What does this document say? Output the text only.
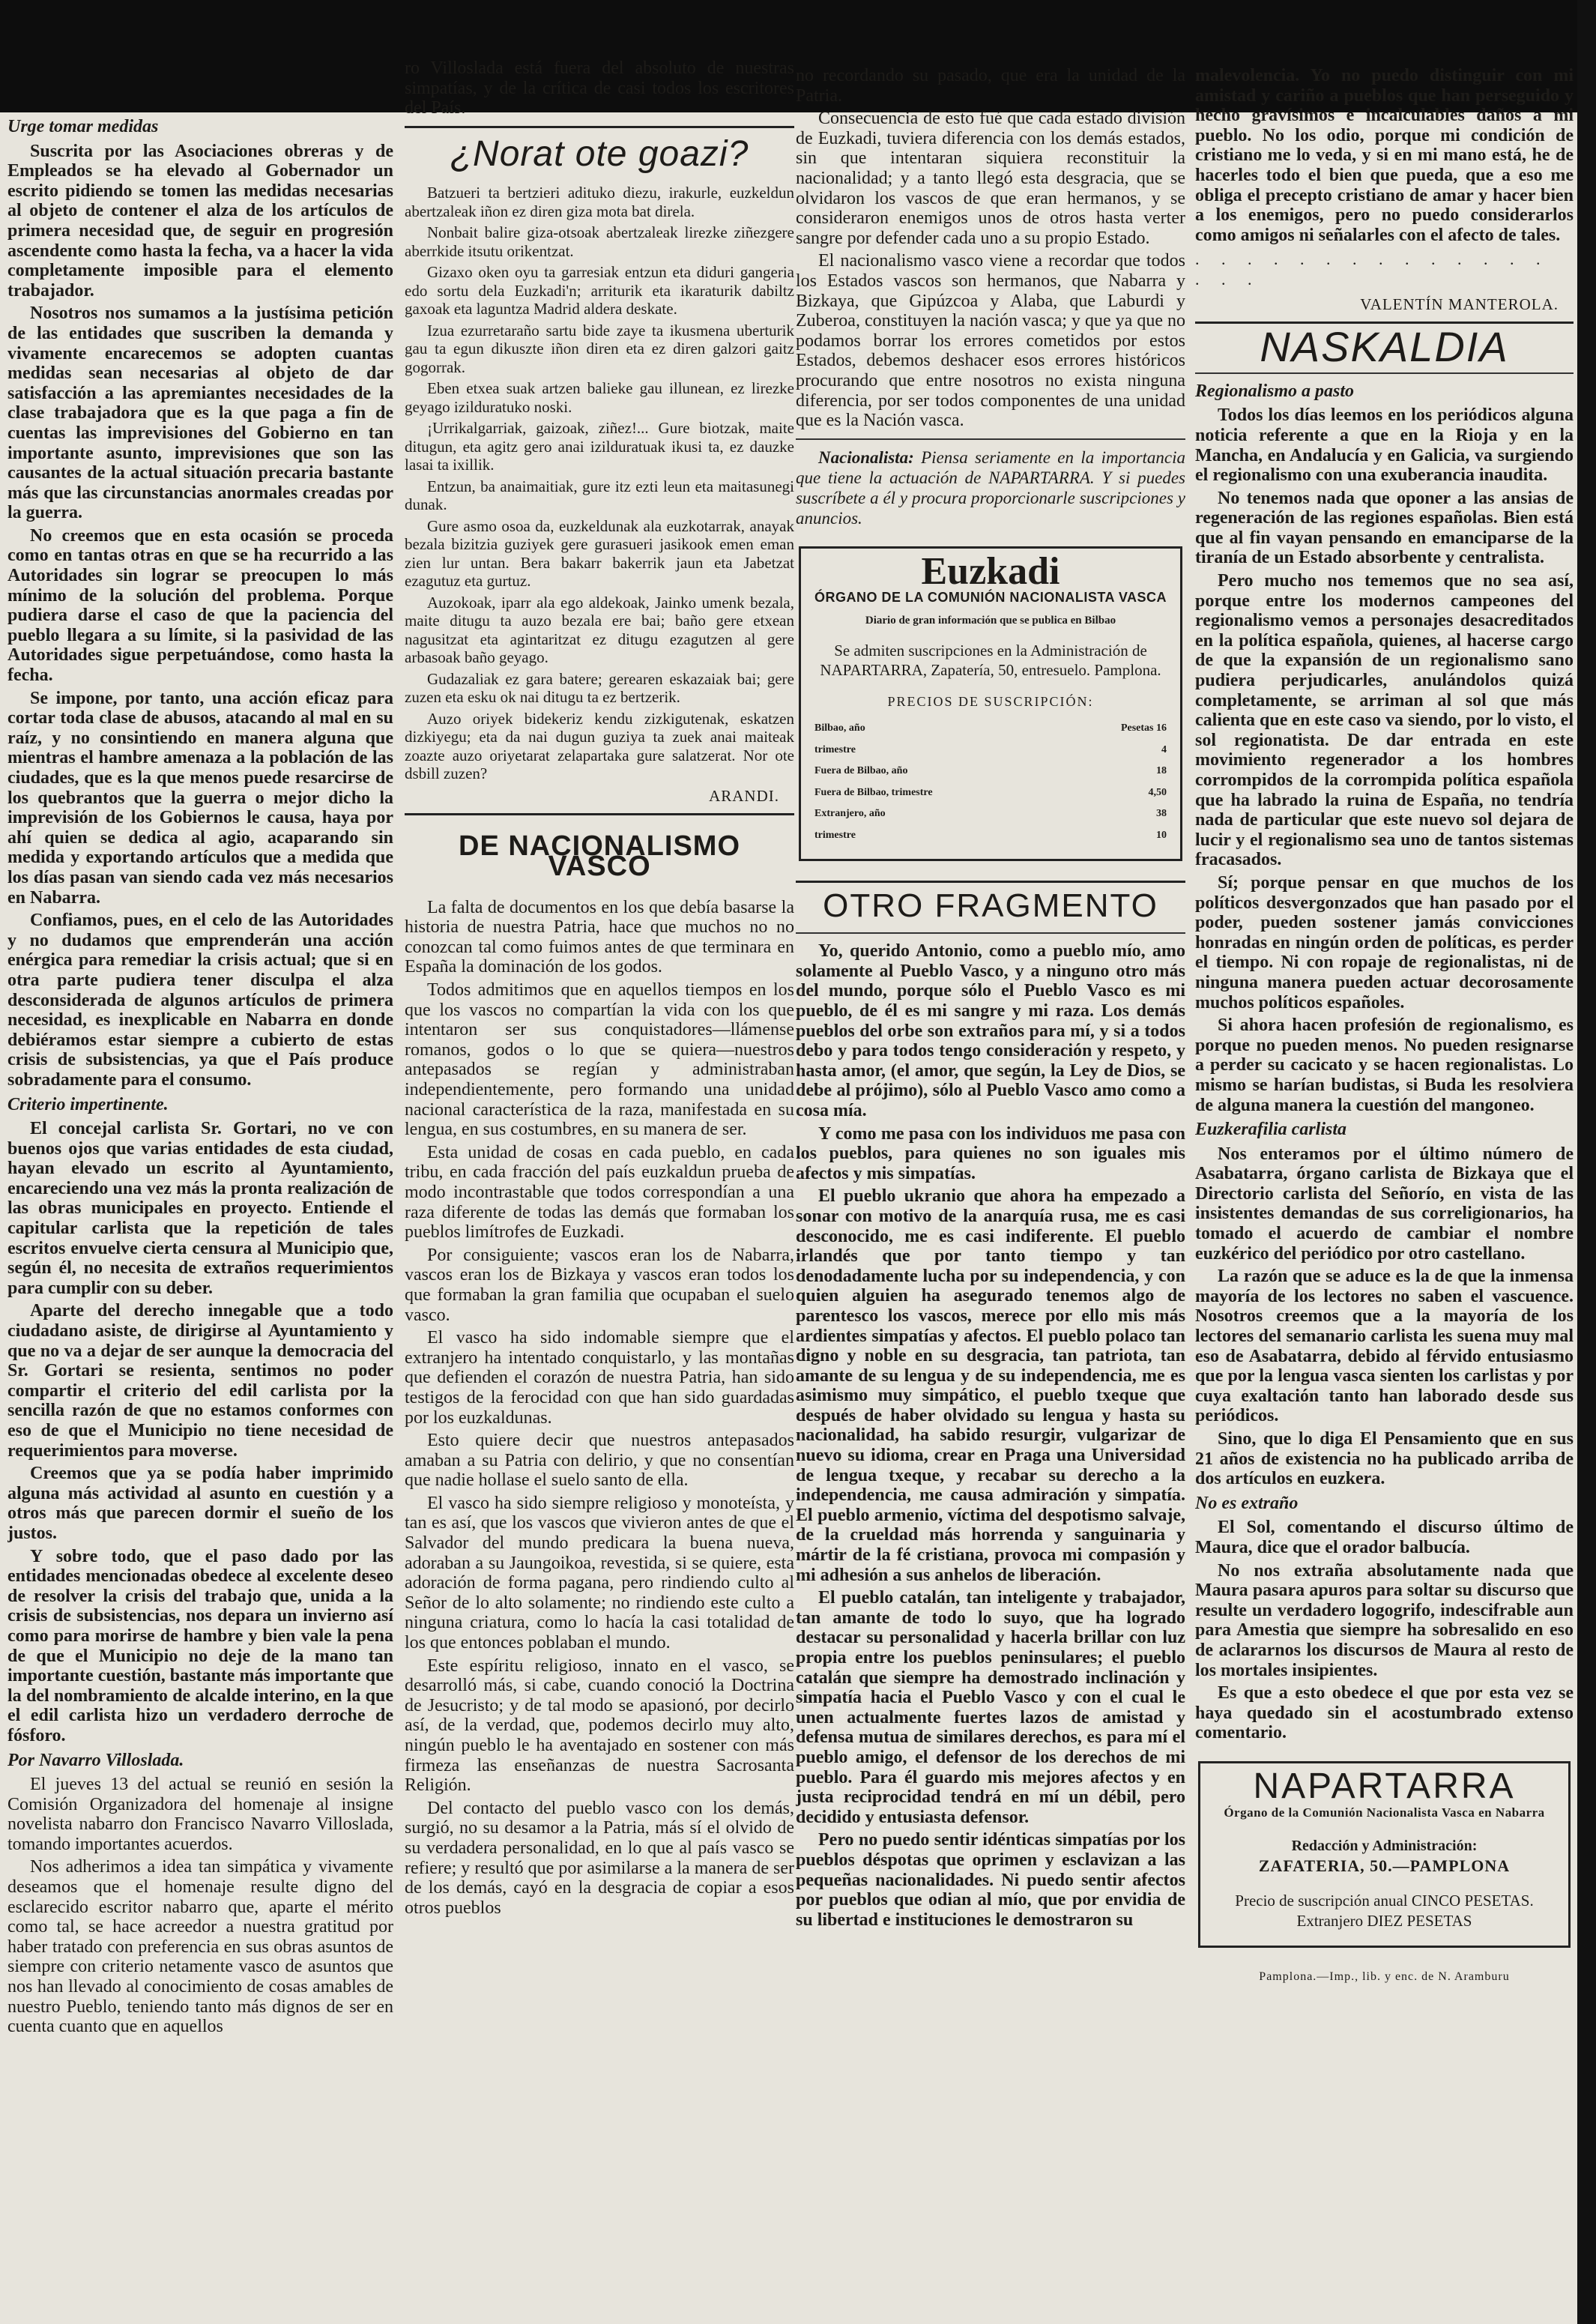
Urge tomar medidas

Suscrita por las Asociaciones obreras y de Empleados se ha elevado al Gobernador un escrito pidiendo se tomen las medidas necesarias al objeto de contener el alza de los artículos de primera necesidad que, de seguir en progresión ascendente como hasta la fecha, va a hacer la vida completamente imposible para el elemento trabajador.

Nosotros nos sumamos a la justísima petición de las entidades que suscriben la demanda y vivamente encarecemos se adopten cuantas medidas sean necesarias al objeto de dar satisfacción a las apremiantes necesidades de la clase trabajadora que es la que paga a fin de cuentas las imprevisiones del Gobierno en tan importante asunto, imprevisiones que son las causantes de la actual situación precaria bastante más que las circunstancias anormales creadas por la guerra.

No creemos que en esta ocasión se proceda como en tantas otras en que se ha recurrido a las Autoridades sin lograr se preocupen lo más mínimo de la solución del problema. Porque pudiera darse el caso de que la paciencia del pueblo llegara a su límite, si la pasividad de las Autoridades sigue perpetuándose, como hasta la fecha.

Se impone, por tanto, una acción eficaz para cortar toda clase de abusos, atacando al mal en su raíz, y no consintiendo en manera alguna que mientras el hambre amenaza a la población de las ciudades, que es la que menos puede resarcirse de los quebrantos que la guerra o mejor dicho la imprevisión de los Gobiernos le causa, haya por ahí quien se dedica al agio, acaparando sin medida y exportando artículos que a medida que los días pasan van siendo cada vez más necesarios en Nabarra.

Confiamos, pues, en el celo de las Autoridades y no dudamos que emprenderán una acción enérgica para remediar la crisis actual; que si en otra parte pudiera tener disculpa el alza desconsiderada de algunos artículos de primera necesidad, es inexplicable en Nabarra en donde debiéramos estar siempre a cubierto de estas crisis de subsistencias, ya que el País produce sobradamente para el consumo.

Criterio impertinente.

El concejal carlista Sr. Gortari, no ve con buenos ojos que varias entidades de esta ciudad, hayan elevado un escrito al Ayuntamiento, encareciendo una vez más la pronta realización de las obras municipales en proyecto. Entiende el capitular carlista que la repetición de tales escritos envuelve cierta censura al Municipio que, según él, no necesita de extraños requerimientos para cumplir con su deber.

Aparte del derecho innegable que a todo ciudadano asiste, de dirigirse al Ayuntamiento y que no va a dejar de ser aunque la democracia del Sr. Gortari se resienta, sentimos no poder compartir el criterio del edil carlista por la sencilla razón de que no estamos conformes con eso de que el Municipio no tiene necesidad de requerimientos para moverse.

Creemos que ya se podía haber imprimido alguna más actividad al asunto en cuestión y a otros más que parecen dormir el sueño de los justos.

Y sobre todo, que el paso dado por las entidades mencionadas obedece al excelente deseo de resolver la crisis del trabajo que, unida a la crisis de subsistencias, nos depara un invierno así como para morirse de hambre y bien vale la pena de que el Municipio no deje de la mano tan importante cuestión, bastante más importante que la del nombramiento de alcalde interino, en la que el edil carlista hizo un verdadero derroche de fósforo.

Por Navarro Villoslada.

El jueves 13 del actual se reunió en sesión la Comisión Organizadora del homenaje al insigne novelista nabarro don Francisco Navarro Villoslada, tomando importantes acuerdos.

Nos adherimos a idea tan simpática y vivamente deseamos que el homenaje resulte digno del esclarecido escritor nabarro que, aparte el mérito como tal, se hace acreedor a nuestra gratitud por haber tratado con preferencia en sus obras asuntos de siempre con criterio netamente vasco de asuntos que nos han llevado al conocimiento de cosas amables de nuestro Pueblo, teniendo tanto más dignos de ser en cuenta cuanto que en aquellos

ro Villoslada está fuera del absoluto de nuestras simpatías, y de la crítica de casi todos los escritores del País.

¿Norat ote goazi?

Batzueri ta bertzieri adituko diezu, irakurle, euzkeldun abertzaleak iñon ez diren giza mota bat direla.

Nonbait balire giza-otsoak abertzaleak lirezke ziñezgere aberrkide itsutu orikentzat.

Gizaxo oken oyu ta garresiak entzun eta diduri gangeria edo sortu dela Euzkadi'n; arriturik eta ikaraturik dabiltz gaxoak eta laguntza Madrid aldera deskate.

Izua ezurretaraño sartu bide zaye ta ikusmena uberturik gau ta egun dikuszte iñon diren eta ez diren galzori gaitz gogorrak.

Eben etxea suak artzen balieke gau illunean, ez lirezke geyago izilduratuko noski.

¡Urrikalgarriak, gaizoak, ziñez!... Gure biotzak, maite ditugun, eta agitz gero anai izilduratuak ikusi ta, ez dauzke lasai ta ixillik.

Entzun, ba anaimaitiak, gure itz ezti leun eta maitasunegi dunak.

Gure asmo osoa da, euzkeldunak ala euzkotarrak, anayak bezala bizitzia guziyek gere gurasueri jasikook emen eman zien lur untan. Bera bakarr bakerrik jaun eta Jabetzat ezagutuz eta gurtuz.

Auzokoak, iparr ala ego aldekoak, Jainko umenk bezala, maite ditugu ta auzo bezala ere bai; baño gere etxean nagusitzat eta agintaritzat ez ditugu ezagutzen al gere arbasoak baño geyago.

Gudazaliak ez gara batere; gerearen eskazaiak bai; gere zuzen eta esku ok nai ditugu ta ez bertzerik.

Auzo oriyek bidekeriz kendu zizkigutenak, eskatzen dizkiyegu; eta da nai dugun guziya ta zuek anai maiteak zoazte auzo oriyetarat zelapartaka gure salatzerat. Nor ote dsbill zuzen?

ARANDI.
DE NACIONALISMO VASCO

La falta de documentos en los que debía basarse la historia de nuestra Patria, hace que muchos no no conozcan tal como fuimos antes de que terminara en España la dominación de los godos.

Todos admitimos que en aquellos tiempos en los que los vascos no compartían la vida con los que intentaron ser sus conquistadores—llámense romanos, godos o lo que se quiera—nuestros antepasados se regían y administraban independientemente, pero formando una unidad nacional característica de la raza, manifestada en su lengua, en sus costumbres, en su manera de ser.

Esta unidad de cosas en cada pueblo, en cada tribu, en cada fracción del país euzkaldun prueba de modo incontrastable que todos correspondían a una raza diferente de todas las demás que formaban los pueblos limítrofes de Euzkadi.

Por consiguiente; vascos eran los de Nabarra, vascos eran los de Bizkaya y vascos eran todos los que formaban la gran familia que ocupaban el suelo vasco.

El vasco ha sido indomable siempre que el extranjero ha intentado conquistarlo, y las montañas que defienden el corazón de nuestra Patria, han sido testigos de la ferocidad con que han sido guardadas por los euzkaldunas.

Esto quiere decir que nuestros antepasados amaban a su Patria con delirio, y que no consentían que nadie hollase el suelo santo de ella.

El vasco ha sido siempre religioso y monoteísta, y tan es así, que los vascos que vivieron antes de que el Salvador del mundo predicara la buena nueva, adoraban a su Jaungoikoa, revestida, si se quiere, esta adoración de forma pagana, pero rindiendo culto al Señor de lo alto solamente; no rindiendo este culto a ninguna criatura, como lo hacía la casi totalidad de los que entonces poblaban el mundo.

Este espíritu religioso, innato en el vasco, se desarrolló más, si cabe, cuando conoció la Doctrina de Jesucristo; y de tal modo se apasionó, por decirlo así, de la verdad, que, podemos decirlo muy alto, ningún pueblo le ha aventajado en sostener con más firmeza las enseñanzas de nuestra Sacrosanta Religión.

Del contacto del pueblo vasco con los demás, surgió, no su desamor a la Patria, más sí el olvido de su verdadera personalidad, en lo que al país vasco se refiere; y resultó que por asimilarse a la manera de ser de los demás, cayó en la desgracia de copiar a esos otros pueblos

no recordando su pasado, que era la unidad de la Patria.

Consecuencia de esto fué que cada estado división de Euzkadi, tuviera diferencia con los demás estados, sin que intentaran siquiera reconstituir la nacionalidad; y a tanto llegó esta desgracia, que se olvidaron los vascos de que eran hermanos, y se consideraron enemigos unos de otros hasta verter sangre por defender cada uno a su propio Estado.

El nacionalismo vasco viene a recordar que todos los Estados vascos son hermanos, que Nabarra y Bizkaya, que Gipúzcoa y Alaba, que Laburdi y Zuberoa, constituyen la nación vasca; y que ya que no podamos borrar los errores cometidos por estos Estados, debemos deshacer esos errores históricos procurando que entre nosotros no exista ninguna diferencia, por ser todos componentes de una unidad que es la Nación vasca.

Nacionalista: Piensa seriamente en la importancia que tiene la actuación de NAPARTARRA. Y si puedes suscríbete a él y procura proporcionarle suscripciones y anuncios.

Euzkadi
ÓRGANO DE LA COMUNIÓN NACIONALISTA VASCA
Diario de gran información que se publica en Bilbao
Se admiten suscripciones en la Administración de NAPARTARRA, Zapatería, 50, entresuelo. Pamplona.
PRECIOS DE SUSCRIPCIÓN:
Bilbao, año	Pesetas 16
trimestre	4
Fuera de Bilbao, año	18
Fuera de Bilbao, trimestre	4,50
Extranjero, año	38
trimestre	10
OTRO FRAGMENTO

Yo, querido Antonio, como a pueblo mío, amo solamente al Pueblo Vasco, y a ninguno otro más del mundo, porque sólo el Pueblo Vasco es mi pueblo, de él es mi sangre y mi raza. Los demás pueblos del orbe son extraños para mí, y si a todos debo y para todos tengo consideración y respeto, y hasta amor, (el amor, que según, la Ley de Dios, se debe al prójimo), sólo al Pueblo Vasco amo como a cosa mía.

Y como me pasa con los individuos me pasa con los pueblos, para quienes no son iguales mis afectos y mis simpatías.

El pueblo ukranio que ahora ha empezado a sonar con motivo de la anarquía rusa, me es casi desconocido, me es casi indiferente. El pueblo irlandés que por tanto tiempo y tan denodadamente lucha por su independencia, y con quien alguien ha asegurado tenemos algo de parentesco los vascos, merece por ello mis más ardientes simpatías y afectos. El pueblo polaco tan digno y noble en su desgracia, tan patriota, tan amante de su lengua y de su independencia, me es asimismo muy simpático, el pueblo txeque que después de haber olvidado su lengua y hasta su nacionalidad, ha sabido resurgir, vulgarizar de nuevo su idioma, crear en Praga una Universidad de lengua txeque, y recabar su derecho a la independencia, me causa admiración y simpatía. El pueblo armenio, víctima del despotismo salvaje, de la crueldad más horrenda y sanguinaria y mártir de la fé cristiana, provoca mi compasión y mi adhesión a sus anhelos de liberación.

El pueblo catalán, tan inteligente y trabajador, tan amante de todo lo suyo, que ha logrado destacar su personalidad y hacerla brillar con luz propia entre los pueblos peninsulares; el pueblo catalán que siempre ha demostrado inclinación y simpatía hacia el Pueblo Vasco y con el cual le unen actualmente fuertes lazos de amistad y defensa mutua de similares derechos, es para mí el pueblo amigo, el defensor de los derechos de mi pueblo. Para él guardo mis mejores afectos y en justa reciprocidad tendrá en mí un débil, pero decidido y entusiasta defensor.

Pero no puedo sentir idénticas simpatías por los pueblos déspotas que oprimen y esclavizan a las pequeñas nacionalidades. Ni puedo sentir afectos por pueblos que odian al mío, que por envidia de su libertad e instituciones le demostraron su

malevolencia. Yo no puedo distinguir con mi amistad y cariño a pueblos que han perseguido y hecho gravísimos e incalculables daños a mi pueblo. No los odio, porque mi condición de cristiano me lo veda, y si en mi mano está, he de hacerles todo el bien que pueda, que a eso me obliga el precepto cristiano de amar y hacer bien a los enemigos, pero no puedo considerarlos como amigos ni señalarles con el afecto de tales.

. . . . . . . . . . . . . . . . .
VALENTÍN MANTEROLA.
NASKALDIA
Regionalismo a pasto

Todos los días leemos en los periódicos alguna noticia referente a que en la Rioja y en la Mancha, en Andalucía y en Galicia, va surgiendo el regionalismo con una exuberancia inaudita.

No tenemos nada que oponer a las ansias de regeneración de las regiones españolas. Bien está que al fin vayan pensando en emanciparse de la tiranía de un Estado absorbente y centralista.

Pero mucho nos tememos que no sea así, porque entre los modernos campeones del regionalismo vemos a personajes desacreditados en la política española, quienes, al hacerse cargo de que la expansión de un regionalismo sano pudiera perjudicarles, anulándolos quizá completamente, se arriman al sol que más calienta que en este caso va siendo, por lo visto, el sol regionatista. De dar entrada en este movimiento regenerador a los hombres corrompidos de la corrompida política española que ha labrado la ruina de España, no tendría nada de particular que este nuevo sol dejara de lucir y el regionalismo sea uno de tantos sistemas fracasados.

Sí; porque pensar en que muchos de los políticos desvergonzados que han pasado por el poder, pueden sostener jamás convicciones honradas en ningún orden de políticas, es perder el tiempo. Ni con ropaje de regionalistas, ni de ninguna manera pueden actuar decorosamente muchos políticos españoles.

Si ahora hacen profesión de regionalismo, es porque no pueden menos. No pueden resignarse a perder su cacicato y se hacen regionalistas. Lo mismo se harían budistas, si Buda les resolviera de alguna manera la cuestión del mangoneo.

Euzkerafilia carlista

Nos enteramos por el último número de Asabatarra, órgano carlista de Bizkaya que el Directorio carlista del Señorío, en vista de las insistentes demandas de sus correligionarios, ha tomado el acuerdo de cambiar el nombre euzkérico del periódico por otro castellano.

La razón que se aduce es la de que la inmensa mayoría de los lectores no saben el vascuence. Nosotros creemos que a la mayoría de los lectores del semanario carlista les suena muy mal eso de Asabatarra, debido al férvido entusiasmo que por la lengua vasca sienten los carlistas y por cuya exaltación tanto han laborado desde sus periódicos.

Sino, que lo diga El Pensamiento que en sus 21 años de existencia no ha publicado arriba de dos artículos en euzkera.

No es extraño

El Sol, comentando el discurso último de Maura, dice que el orador balbucía.

No nos extraña absolutamente nada que Maura pasara apuros para soltar su discurso que resulte un verdadero logogrifo, indescifrable aun para Amestia que siempre ha sobresalido en eso de aclararnos los discursos de Maura al resto de los mortales insipientes.

Es que a esto obedece el que por esta vez se haya quedado sin el acostumbrado extenso comentario.

NAPARTARRA
Órgano de la Comunión Nacionalista Vasca en Nabarra
Redacción y Administración:
ZAFATERIA, 50.—PAMPLONA
Precio de suscripción anual CINCO PESETAS. Extranjero DIEZ PESETAS
Pamplona.—Imp., lib. y enc. de N. Aramburu
